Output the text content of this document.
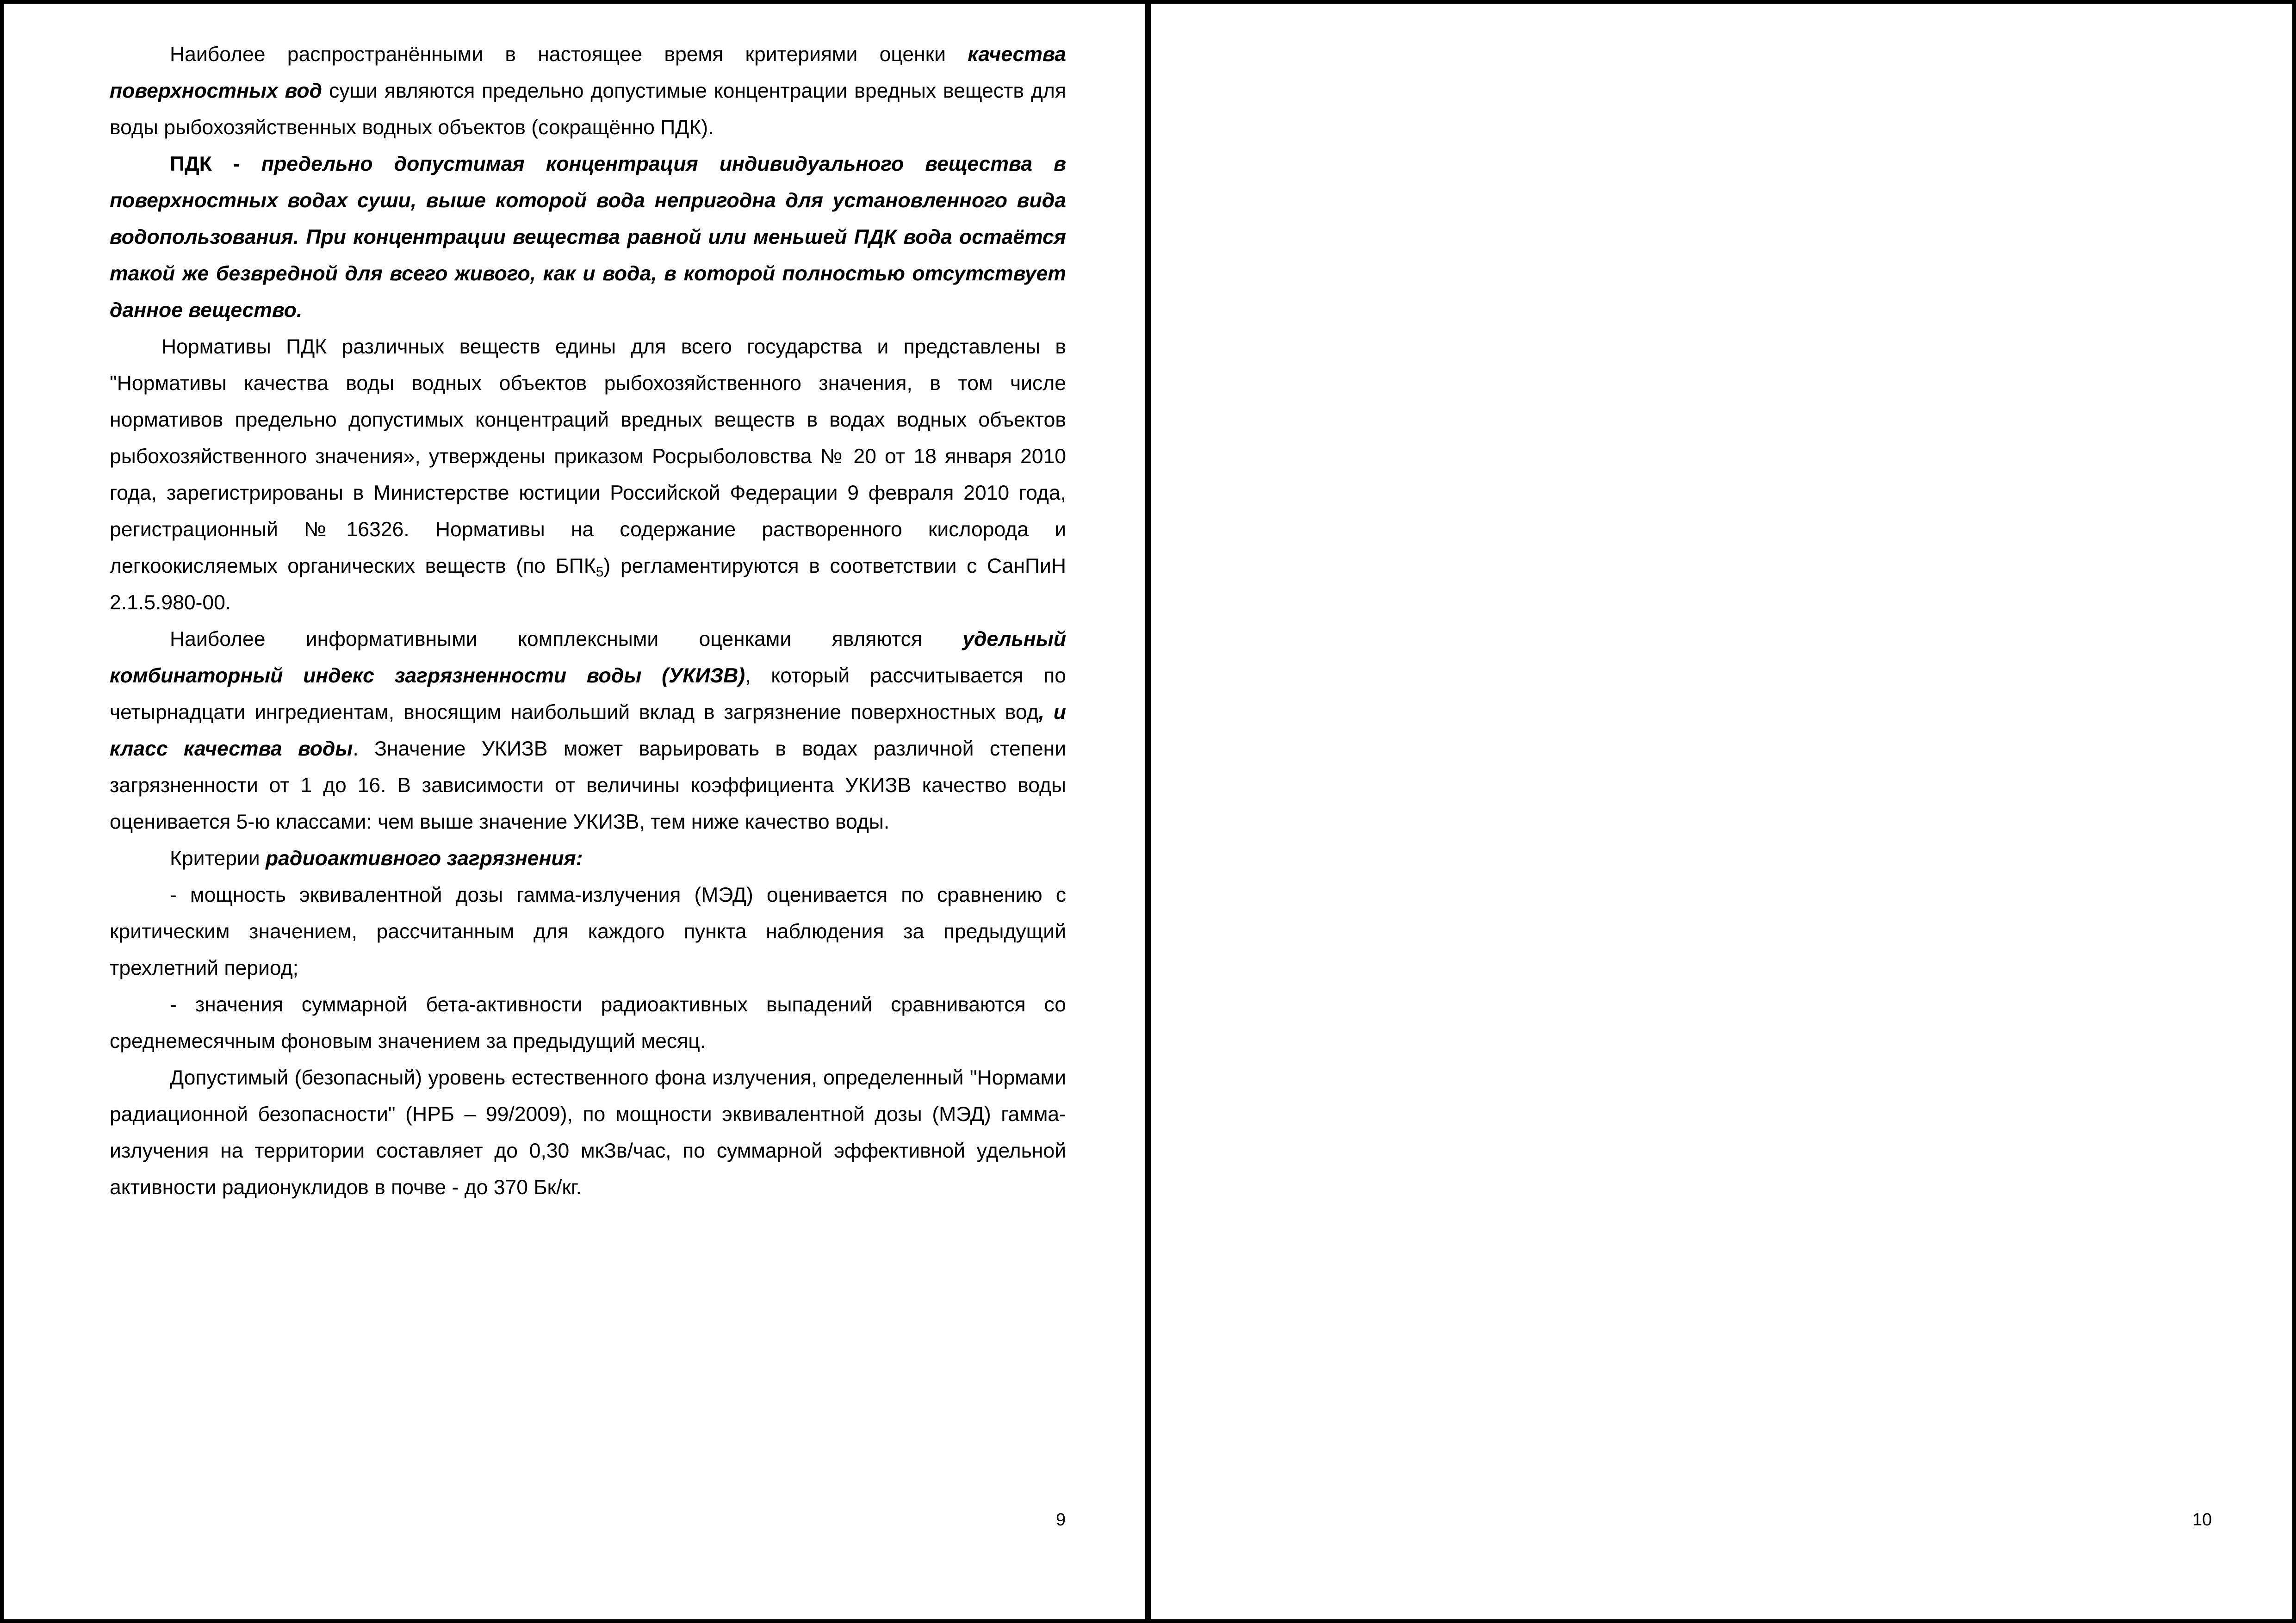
Наиболее распространёнными в настоящее время критериями оценки качества поверхностных вод суши являются предельно допустимые концентрации вредных веществ для воды рыбохозяйственных водных объектов (сокращённо ПДК).

ПДК - предельно допустимая концентрация индивидуального вещества в поверхностных водах суши, выше которой вода непригодна для установленного вида водопользования. При концентрации вещества равной или меньшей ПДК вода остаётся такой же безвредной для всего живого, как и вода, в которой полностью отсутствует данное вещество.

Нормативы ПДК различных веществ едины для всего государства и представлены в "Нормативы качества воды водных объектов рыбохозяйственного значения, в том числе нормативов предельно допустимых концентраций вредных веществ в водах водных объектов рыбохозяйственного значения», утверждены приказом Росрыболовства № 20 от 18 января 2010 года, зарегистрированы в Министерстве юстиции Российской Федерации 9 февраля 2010 года, регистрационный №16326. Нормативы на содержание растворенного кислорода и легкоокисляемых органических веществ (по $БПК_5$) регламентируются в соответствии с СанПиН 2.1.5.980-00.

Наиболее информативными комплексными оценками являются удельный комбинаторный индекс загрязненности воды (УКИЗВ), который рассчитывается по четырнадцати ингредиентам, вносящим наибольший вклад в загрязнение поверхностных вод, и класс качества воды. Значение УКИЗВ может варьировать в водах различной степени загрязненности от 1 до 16. В зависимости от величины коэффициента УКИЗВ качество воды оценивается 5-ю классами: чем выше значение УКИЗВ, тем ниже качество воды.

Критерии радиоактивного загрязнения:

- мощность эквивалентной дозы гамма-излучения (МЭД) оценивается по сравнению с критическим значением, рассчитанным для каждого пункта наблюдения за предыдущий трехлетний период;

- значения суммарной бета-активности радиоактивных выпадений сравниваются со среднемесячным фоновым значением за предыдущий месяц.

Допустимый (безопасный) уровень естественного фона излучения, определенный "Нормами радиационной безопасности" (НРБ – 99/2009), по мощности эквивалентной дозы (МЭД) гамма-излучения на территории составляет до 0,30 мкЗв/час, по суммарной эффективной удельной активности радионуклидов в почве - до 370 Бк/кг.

9	10
